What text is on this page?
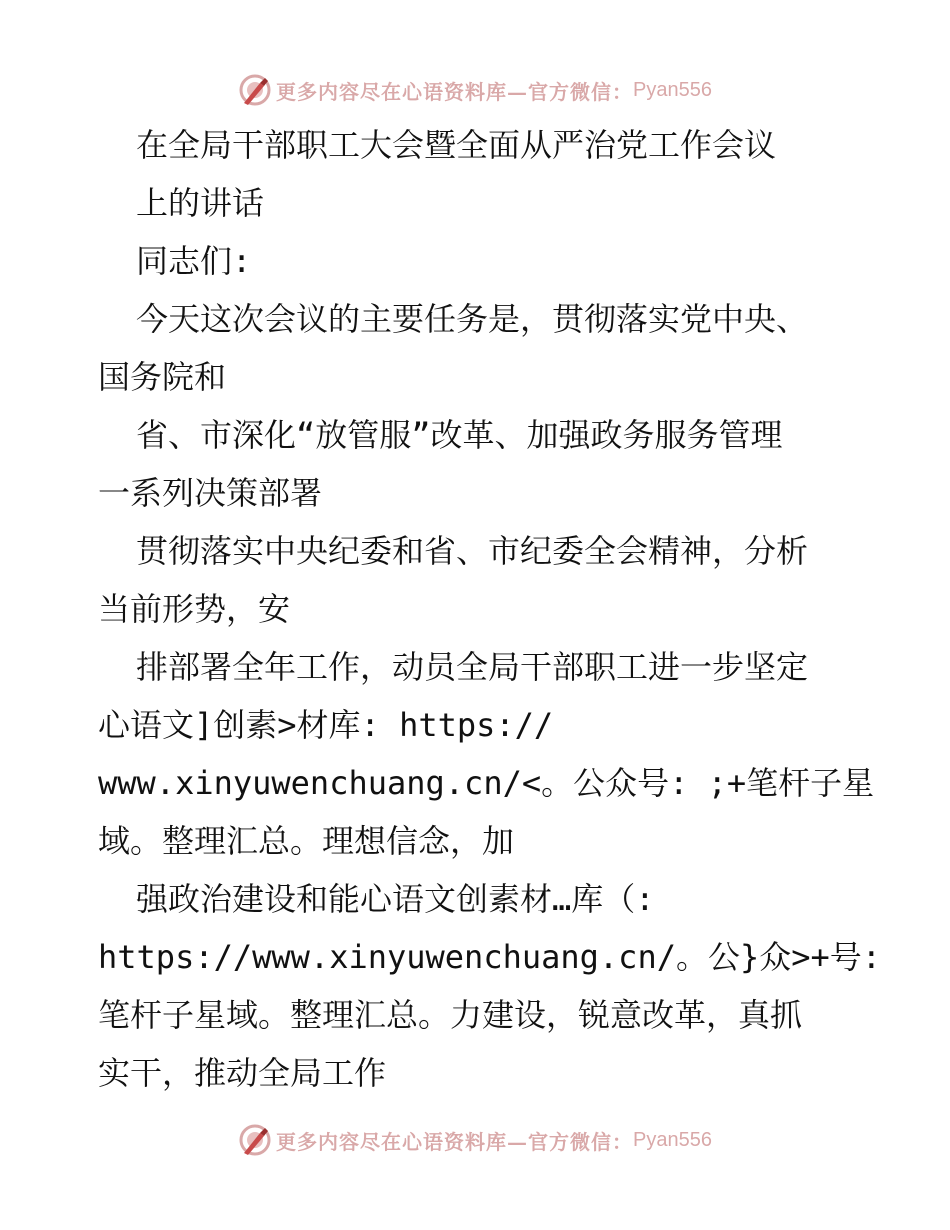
更多内容尽在心语资料库—官方微信： Pyan556
在全局干部职工大会暨全面从严治党工作会议
上的讲话
同志们:
今天这次会议的主要任务是，贯彻落实党中央、
国务院和
省、市深化“放管服”改革、加强政务服务管理
一系列决策部署
贯彻落实中央纪委和省、市纪委全会精神，分析
当前形势，安
排部署全年工作，动员全局干部职工进一步坚定
心语文]创素>材库: https://
www.xinyuwenchuang.cn/<。公众号: ;+笔杆子星
域。整理汇总。理想信念，加
强政治建设和能心语文创素材…库（:
https://www.xinyuwenchuang.cn/。公}众>+号:
笔杆子星域。整理汇总。力建设，锐意改革，真抓
实干，推动全局工作
更多内容尽在心语资料库—官方微信： Pyan556
